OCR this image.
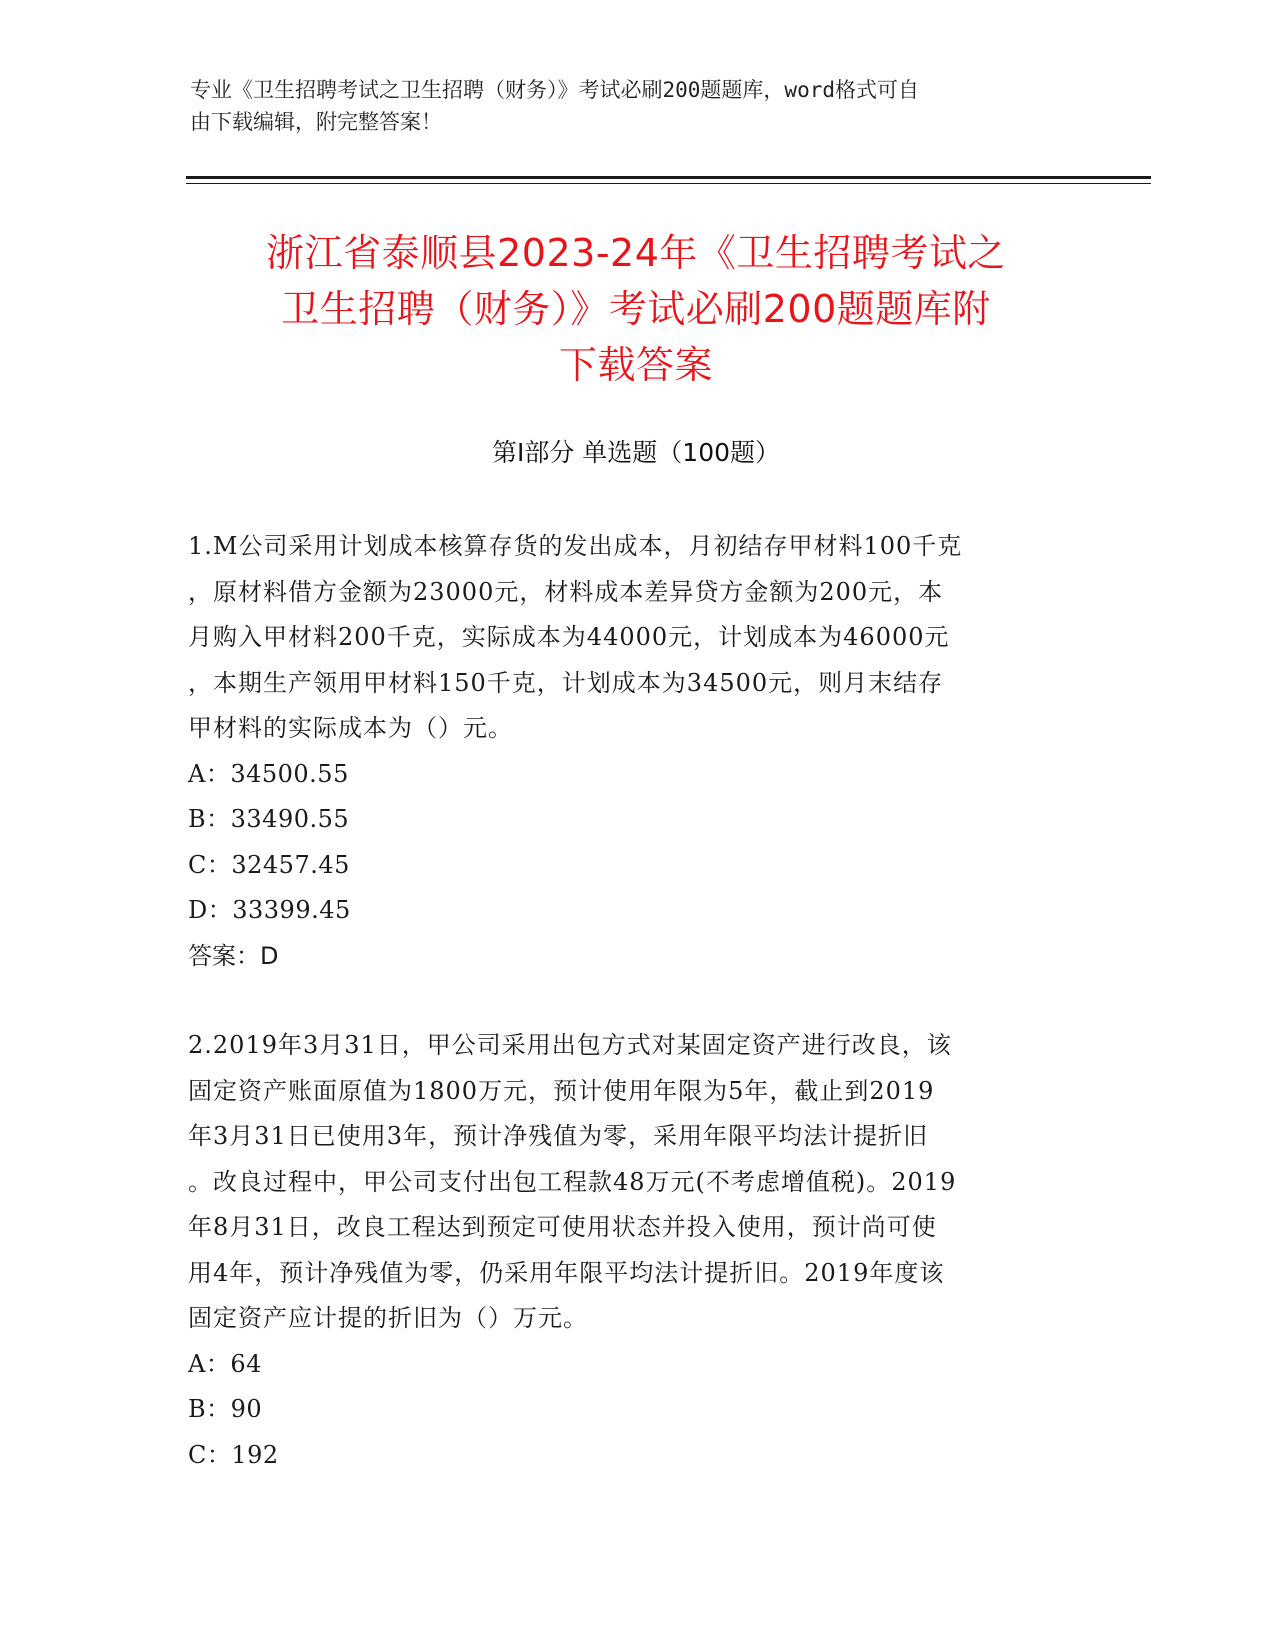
专业《卫生招聘考试之卫生招聘（财务）》考试必刷200题题库，word格式可自
由下载编辑，附完整答案！
浙江省泰顺县2023-24年《卫生招聘考试之
卫生招聘（财务）》考试必刷200题题库附
下载答案
第Ⅰ部分 单选题（100题）

1.M公司采用计划成本核算存货的发出成本，月初结存甲材料100千克

，原材料借方金额为23000元，材料成本差异贷方金额为200元，本

月购入甲材料200千克，实际成本为44000元，计划成本为46000元

，本期生产领用甲材料150千克，计划成本为34500元，则月末结存

甲材料的实际成本为（）元。

A：34500.55

B：33490.55

C：32457.45

D：33399.45

答案：D

2.2019年3月31日，甲公司采用出包方式对某固定资产进行改良，该

固定资产账面原值为1800万元，预计使用年限为5年，截止到2019

年3月31日已使用3年，预计净残值为零，采用年限平均法计提折旧

。改良过程中，甲公司支付出包工程款48万元(不考虑增值税)。2019

年8月31日，改良工程达到预定可使用状态并投入使用，预计尚可使

用4年，预计净残值为零，仍采用年限平均法计提折旧。2019年度该

固定资产应计提的折旧为（）万元。

A：64

B：90

C：192
